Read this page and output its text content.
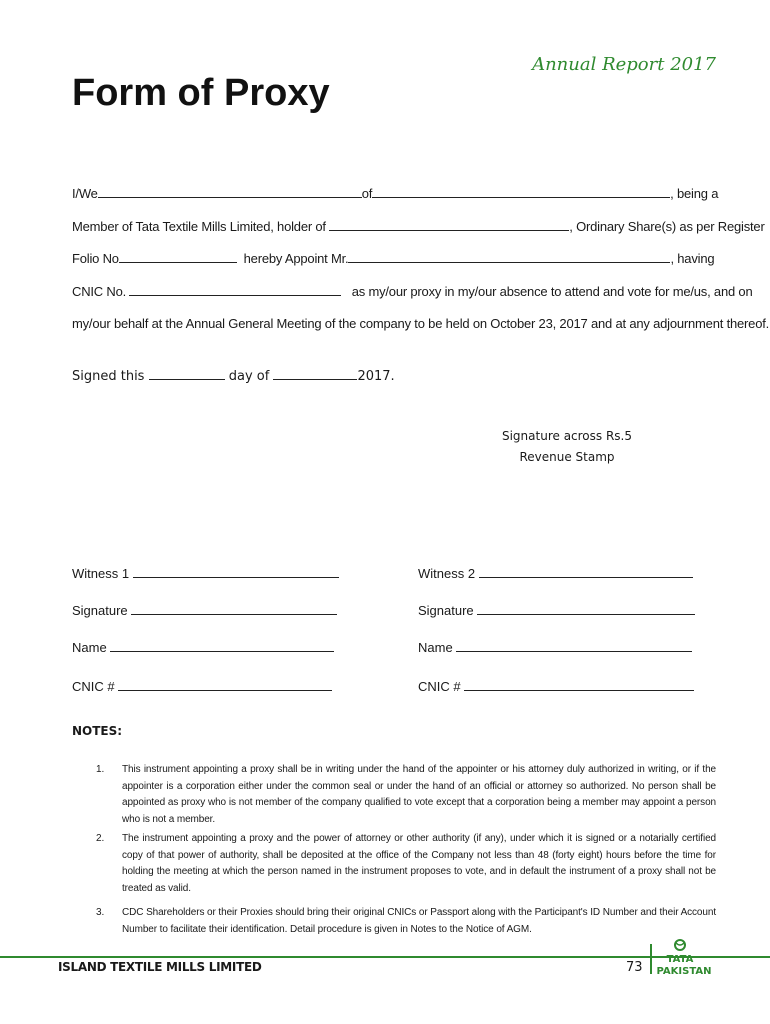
Annual Report 2017
Form of Proxy
I/We	of	, being a
Member of Tata Textile Mills Limited, holder of	, Ordinary Share(s) as per Register
Folio No	hereby Appoint Mr.	, having
CNIC No.	as my/our proxy in my/our absence to attend and vote for me/us, and on
my/our behalf at the Annual General Meeting of the company to be held on October 23, 2017 and at any adjournment thereof.
Signed this	day of	2017.
Signature across Rs.5
Revenue Stamp
Witness 1	Witness 2
Signature	Signature
Name	Name
CNIC #	CNIC #
NOTES:
1. This instrument appointing a proxy shall be in writing under the hand of the appointer or his attorney duly authorized in writing, or if the appointer is a corporation either under the common seal or under the hand of an official or attorney so authorized. No person shall be appointed as proxy who is not member of the company qualified to vote except that a corporation being a member may appoint a person who is not a member.
2. The instrument appointing a proxy and the power of attorney or other authority (if any), under which it is signed or a notarially certified copy of that power of authority, shall be deposited at the office of the Company not less than 48 (forty eight) hours before the time for holding the meeting at which the person named in the instrument proposes to vote, and in default the instrument of a proxy shall not be treated as valid.
3. CDC Shareholders or their Proxies should bring their original CNICs or Passport along with the Participant's ID Number and their Account Number to facilitate their identification. Detail procedure is given in Notes to the Notice of AGM.
ISLAND TEXTILE MILLS LIMITED	73
TATA
PAKISTAN
